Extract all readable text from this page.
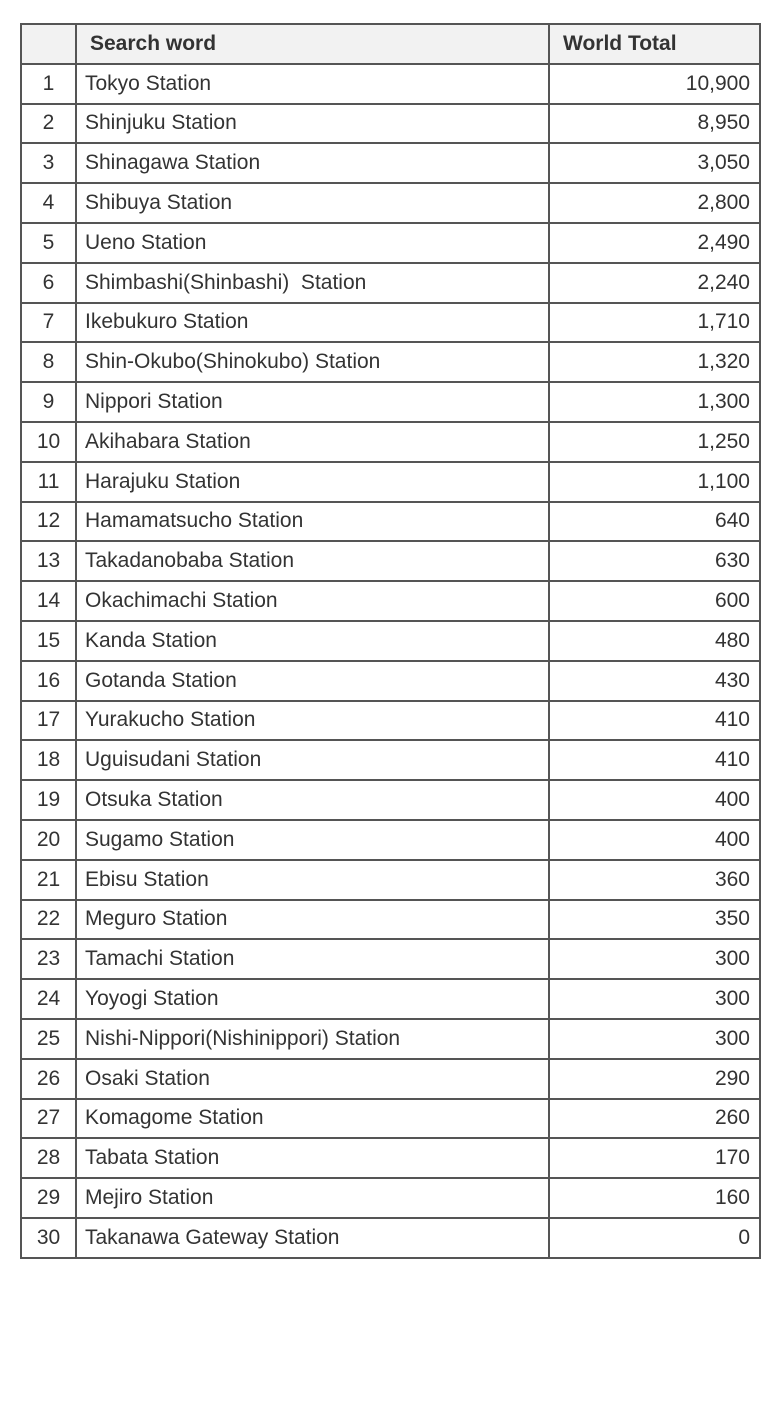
	Search word	World Total
1	Tokyo Station	10,900
2	Shinjuku Station	8,950
3	Shinagawa Station	3,050
4	Shibuya Station	2,800
5	Ueno Station	2,490
6	Shimbashi(Shinbashi)  Station	2,240
7	Ikebukuro Station	1,710
8	Shin-Okubo(Shinokubo) Station	1,320
9	Nippori Station	1,300
10	Akihabara Station	1,250
11	Harajuku Station	1,100
12	Hamamatsucho Station	640
13	Takadanobaba Station	630
14	Okachimachi Station	600
15	Kanda Station	480
16	Gotanda Station	430
17	Yurakucho Station	410
18	Uguisudani Station	410
19	Otsuka Station	400
20	Sugamo Station	400
21	Ebisu Station	360
22	Meguro Station	350
23	Tamachi Station	300
24	Yoyogi Station	300
25	Nishi-Nippori(Nishinippori) Station	300
26	Osaki Station	290
27	Komagome Station	260
28	Tabata Station	170
29	Mejiro Station	160
30	Takanawa Gateway Station	0
